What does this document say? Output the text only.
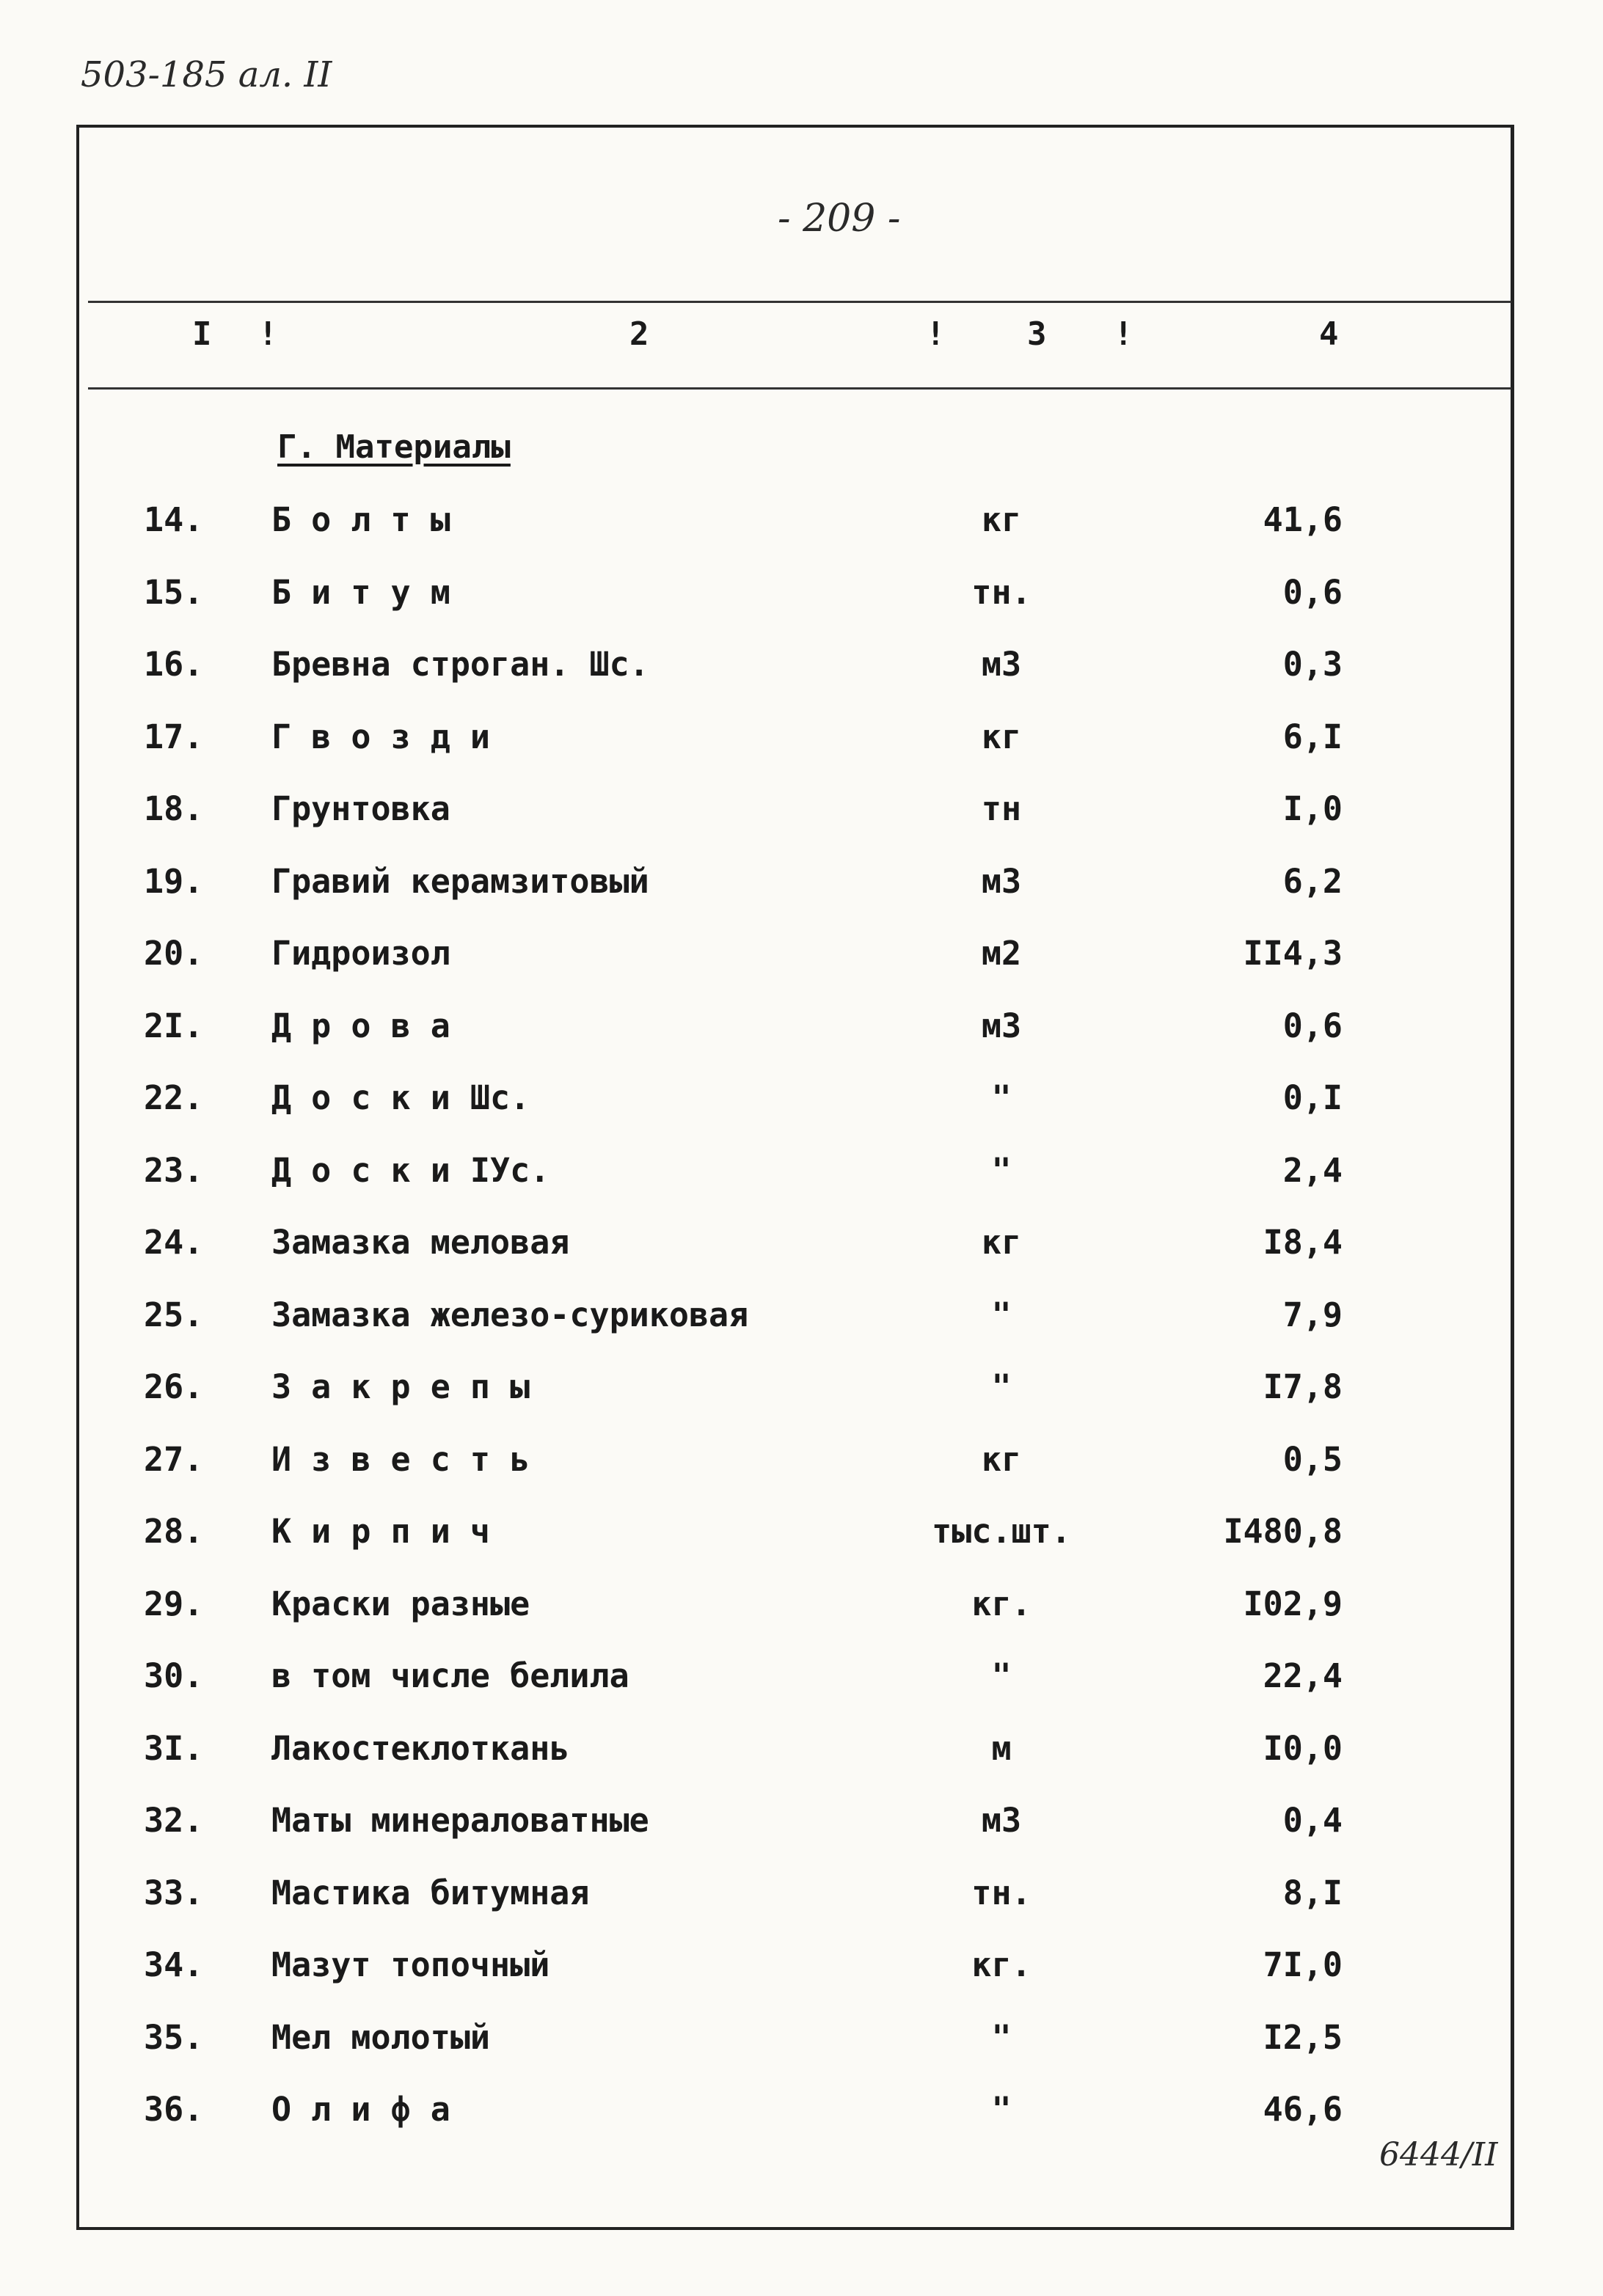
503-185 ал. II
- 209 -
I !	2	!	3 !	4
Г. Материалы
14. Б о л т ы	кг	41,6
15. Б и т у м	тн.	0,6
16. Бревна строган. Шс.	м3	0,3
17. Г в о з д и	кг	6,I
18. Грунтовка	тн	I,0
19. Гравий керамзитовый	м3	6,2
20. Гидроизол	м2	II4,3
2I. Д р о в а	м3	0,6
22. Д о с к и Шс.	"	0,I
23. Д о с к и IУс.	"	2,4
24. Замазка меловая	кг	I8,4
25. Замазка железо-суриковая	"	7,9
26. З а к р е п ы	"	I7,8
27. И з в е с т ь	кг	0,5
28. К и р п и ч	тыс.шт.	I480,8
29. Краски разные	кг.	I02,9
30. в том числе белила	"	22,4
3I. Лакостеклоткань	м	I0,0
32. Маты минераловатные	м3	0,4
33. Мастика битумная	тн.	8,I
34. Мазут топочный	кг.	7I,0
35. Мел молотый	"	I2,5
36. О л и ф а	"	46,6
6444/II
